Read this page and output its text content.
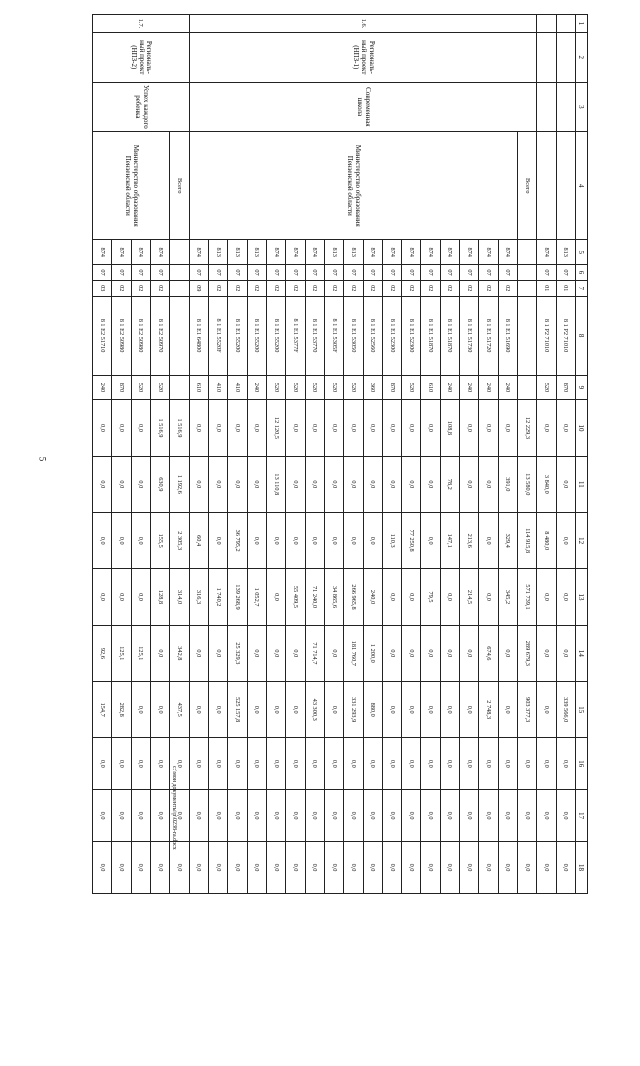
5
c:\мои документы\p\0238-ra.docx
1	2	3	4	5	6	7	8	9	10	11	12	13	14	15	16	17	18
				813	07	01	8 1 Р2 71010	870	0,0	0,0	0,0	0,0	0,0	339 566,0	0,0	0,0	0,0
				874	07	01	8 1 Р2 71010	520	0,0	3 840,0	8 480,0	0,0	0,0	0,0	0,0	0,0	0,0
1.6.	Региональ-
ный проект
(НПЗ-1)	Современная школа	Всего						12 229,3	13 580,0	114 915,8	571 739,1	289 679,3	903 377,3	0,0	0,0	0,0
			Министерство образования Пензенской области	874	07	02	8 1 Е1 51690	240	0,0	391,0	329,4	345,2	0,0	0,0	0,0	0,0	0,0
				874	07	02	8 1 Е1 51720	240	0,0	0,0	0,0	0,0	674,6	2 748,3	0,0	0,0	0,0
				874	07	02	8 1 Е1 51730	240	0,0	0,0	213,6	214,5	0,0	0,0	0,0	0,0	0,0
				874	07	02	8 1 Е1 51870	240	108,8	78,2	147,1	0,0	0,0	0,0	0,0	0,0	0,0
				874	07	02	8 1 Е1 51870	610	0,0	0,0	0,0	79,5	0,0	0,0	0,0	0,0	0,0
				874	07	02	8 1 Е1 52300	520	0,0	0,0	77 250,8	0,0	0,0	0,0	0,0	0,0	0,0
				874	07	02	8 1 Е1 52300	870	0,0	0,0	110,3	0,0	0,0	0,0	0,0	0,0	0,0
				874	07	02	8 1 Е1 52560	360	0,0	0,0	0,0	240,0	1 200,0	880,0	0,0	0,0	0,0
				813	07	02	8 1 Е1 53050	520	0,0	0,0	0,0	266 965,8	181 760,7	331 293,9	0,0	0,0	0,0
				813	07	02	8 1 Е1 5305F	520	0,0	0,0	0,0	34 865,6	0,0	0,0	0,0	0,0	0,0
				874	07	02	8 1 Е1 53770	520	0,0	0,0	0,0	71 240,0	71 714,7	43 300,3	0,0	0,0	0,0
				874	07	02	8 1 Е1 5377F	520	0,0	0,0	0,0	55 409,5	0,0	0,0	0,0	0,0	0,0
				874	07	02	8 1 Е1 55200	520	12 120,5	13 110,8	0,0	0,0	0,0	0,0	0,0	0,0	0,0
				813	07	02	8 1 Е1 55200	240	0,0	0,0	0,0	1 052,7	0,0	0,0	0,0	0,0	0,0
				813	07	02	8 1 Е1 55200	410	0,0	0,0	36 795,2	139 268,9	25 329,3	525 157,8	0,0	0,0	0,0
				813	07	02	8 1 Е1 5520F	410	0,0	0,0	0,0	1 740,2	0,0	0,0	0,0	0,0	0,0
				874	07	09	8 1 Е1 64800	610	0,0	0,0	60,4	316,3	0,0	0,0	0,0	0,0	0,0
1.7.	Региональ-
ный проект
(НПЗ-2)	Успех каждого ребенка	Всего						1 516,9	1 192,6	2 305,3	314,0	342,8	437,5	0,0	0,0	0,0
			Министерство образования Пензенской области	874	07	02	8 1 Е2 50970	520	1 516,9	630,9	155,5	128,8	0,0	0,0	0,0	0,0	0,0
				874	07	02	8 1 Е2 50980	520	0,0	0,0	0,0	0,0	125,1	0,0	0,0	0,0	0,0
				874	07	02	8 1 Е2 50980	870	0,0	0,0	0,0	0,0	125,1	282,8	0,0	0,0	0,0
				874	07	03	8 1 Е2 51710	240	0,0	0,0	0,0	0,0	92,6	154,7	0,0	0,0	0,0
